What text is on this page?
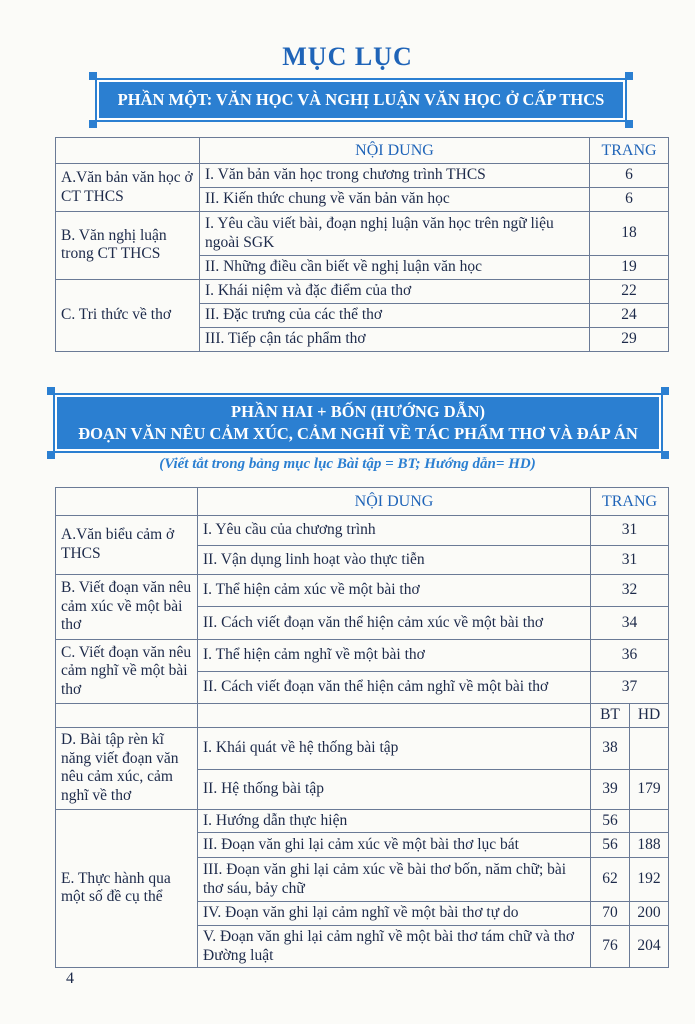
MỤC LỤC
PHẦN MỘT: VĂN HỌC VÀ NGHỊ LUẬN VĂN HỌC Ở CẤP THCS
	NỘI DUNG	TRANG
A.Văn bản văn học ở CT THCS	I. Văn bản văn học trong chương trình THCS	6
	II. Kiến thức chung về văn bản văn học	6
B. Văn nghị luận trong CT THCS	I. Yêu cầu viết bài, đoạn nghị luận văn học trên ngữ liệu ngoài SGK	18
	II. Những điều cần biết về nghị luận văn học	19
C. Tri thức về thơ	I. Khái niệm và đặc điểm của thơ	22
	II. Đặc trưng của các thể thơ	24
	III. Tiếp cận tác phẩm thơ	29
PHẦN HAI + BỐN (HƯỚNG DẪN)
ĐOẠN VĂN NÊU CẢM XÚC, CẢM NGHĨ VỀ TÁC PHẨM THƠ VÀ ĐÁP ÁN
(Viết tắt trong bảng mục lục Bài tập = BT; Hướng dẫn= HD)
	NỘI DUNG	TRANG	
A.Văn biểu cảm ở THCS	I. Yêu cầu của chương trình	31	
	II. Vận dụng linh hoạt vào thực tiễn	31	
B. Viết đoạn văn nêu cảm xúc về một bài thơ	I. Thể hiện cảm xúc về một bài thơ	32	
	II. Cách viết đoạn văn thể hiện cảm xúc về một bài thơ	34	
C. Viết đoạn văn nêu cảm nghĩ về một bài thơ	I. Thể hiện cảm nghĩ về một bài thơ	36	
	II. Cách viết đoạn văn thể hiện cảm nghĩ về một bài thơ	37	
		BT	HD
D. Bài tập rèn kĩ năng viết đoạn văn nêu cảm xúc, cảm nghĩ về thơ	I. Khái quát về hệ thống bài tập	38	
	II. Hệ thống bài tập	39	179
E. Thực hành qua một số đề cụ thể	I. Hướng dẫn thực hiện	56	
	II. Đoạn văn ghi lại cảm xúc về một bài thơ lục bát	56	188
	III. Đoạn văn ghi lại cảm xúc về bài thơ bốn, năm chữ; bài thơ sáu, bảy chữ	62	192
	IV. Đoạn văn ghi lại cảm nghĩ về một bài thơ tự do	70	200
	V. Đoạn văn ghi lại cảm nghĩ về một bài thơ tám chữ và thơ Đường luật	76	204
4
